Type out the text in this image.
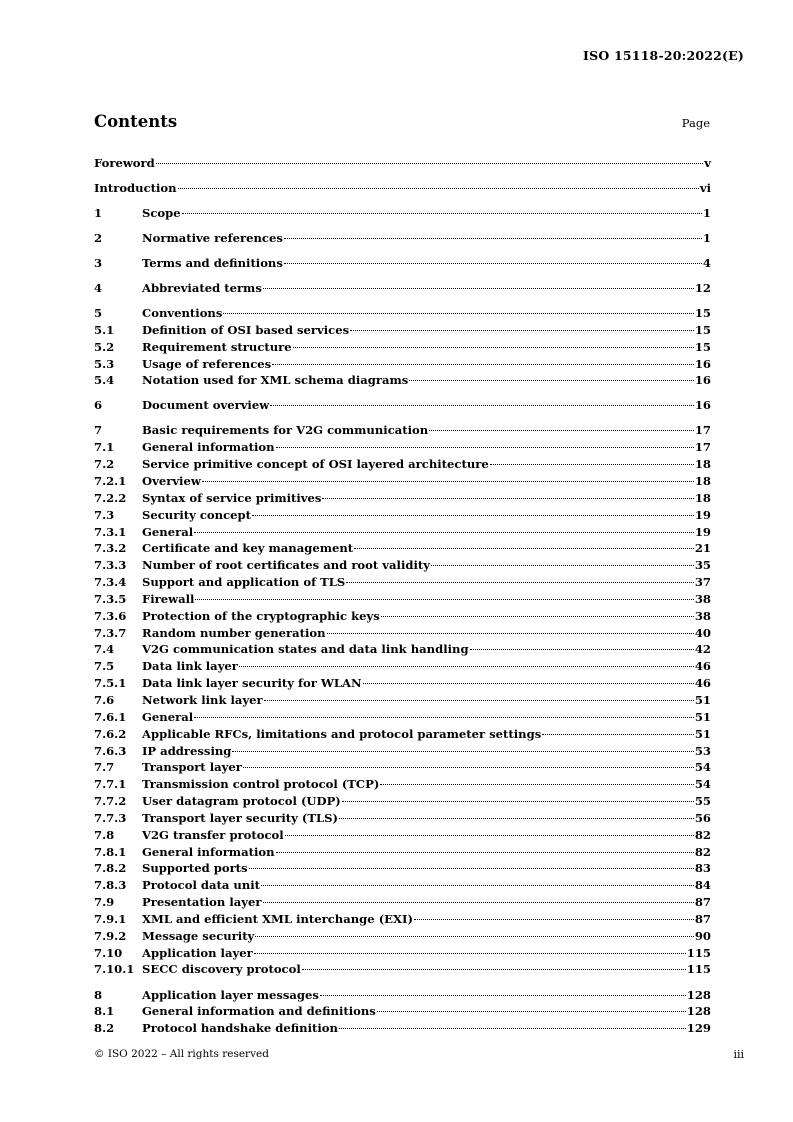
ISO 15118-20:2022(E)
Contents	Page
Foreword	v
Introduction	vi
1	Scope	1
2	Normative references	1
3	Terms and definitions	4
4	Abbreviated terms	12
5	Conventions	15
5.1	Definition of OSI based services	15
5.2	Requirement structure	15
5.3	Usage of references	16
5.4	Notation used for XML schema diagrams	16
6	Document overview	16
7	Basic requirements for V2G communication	17
7.1	General information	17
7.2	Service primitive concept of OSI layered architecture	18
7.2.1	Overview	18
7.2.2	Syntax of service primitives	18
7.3	Security concept	19
7.3.1	General	19
7.3.2	Certificate and key management	21
7.3.3	Number of root certificates and root validity	35
7.3.4	Support and application of TLS	37
7.3.5	Firewall	38
7.3.6	Protection of the cryptographic keys	38
7.3.7	Random number generation	40
7.4	V2G communication states and data link handling	42
7.5	Data link layer	46
7.5.1	Data link layer security for WLAN	46
7.6	Network link layer	51
7.6.1	General	51
7.6.2	Applicable RFCs, limitations and protocol parameter settings	51
7.6.3	IP addressing	53
7.7	Transport layer	54
7.7.1	Transmission control protocol (TCP)	54
7.7.2	User datagram protocol (UDP)	55
7.7.3	Transport layer security (TLS)	56
7.8	V2G transfer protocol	82
7.8.1	General information	82
7.8.2	Supported ports	83
7.8.3	Protocol data unit	84
7.9	Presentation layer	87
7.9.1	XML and efficient XML interchange (EXI)	87
7.9.2	Message security	90
7.10	Application layer	115
7.10.1 SECC discovery protocol	115
8	Application layer messages	128
8.1	General information and definitions	128
8.2	Protocol handshake definition	129
© ISO 2022 – All rights reserved	iii
